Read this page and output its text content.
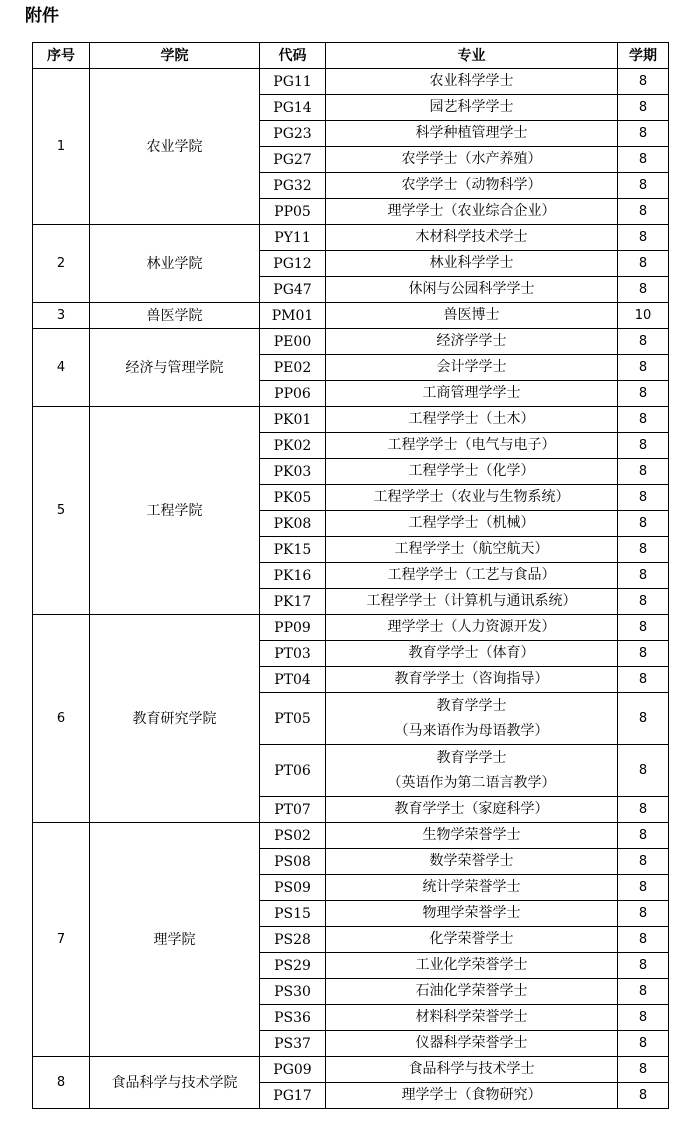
附件
序号	学院	代码	专业	学期
1	农业学院	PG11	农业科学学士	8
		PG14	园艺科学学士	8
		PG23	科学种植管理学士	8
		PG27	农学学士（水产养殖）	8
		PG32	农学学士（动物科学）	8
		PP05	理学学士（农业综合企业）	8
2	林业学院	PY11	木材科学技术学士	8
		PG12	林业科学学士	8
		PG47	休闲与公园科学学士	8
3	兽医学院	PM01	兽医博士	10
4	经济与管理学院	PE00	经济学学士	8
		PE02	会计学学士	8
		PP06	工商管理学学士	8
5	工程学院	PK01	工程学学士（土木）	8
		PK02	工程学学士（电气与电子）	8
		PK03	工程学学士（化学）	8
		PK05	工程学学士（农业与生物系统）	8
		PK08	工程学学士（机械）	8
		PK15	工程学学士（航空航天）	8
		PK16	工程学学士（工艺与食品）	8
		PK17	工程学学士（计算机与通讯系统）	8
6	教育研究学院	PP09	理学学士（人力资源开发）	8
		PT03	教育学学士（体育）	8
		PT04	教育学学士（咨询指导）	8
		PT05	教育学学士
（马来语作为母语教学）	8
		PT06	教育学学士
（英语作为第二语言教学）	8
		PT07	教育学学士（家庭科学）	8
7	理学院	PS02	生物学荣誉学士	8
		PS08	数学荣誉学士	8
		PS09	统计学荣誉学士	8
		PS15	物理学荣誉学士	8
		PS28	化学荣誉学士	8
		PS29	工业化学荣誉学士	8
		PS30	石油化学荣誉学士	8
		PS36	材料科学荣誉学士	8
		PS37	仪器科学荣誉学士	8
8	食品科学与技术学院	PG09	食品科学与技术学士	8
		PG17	理学学士（食物研究）	8
